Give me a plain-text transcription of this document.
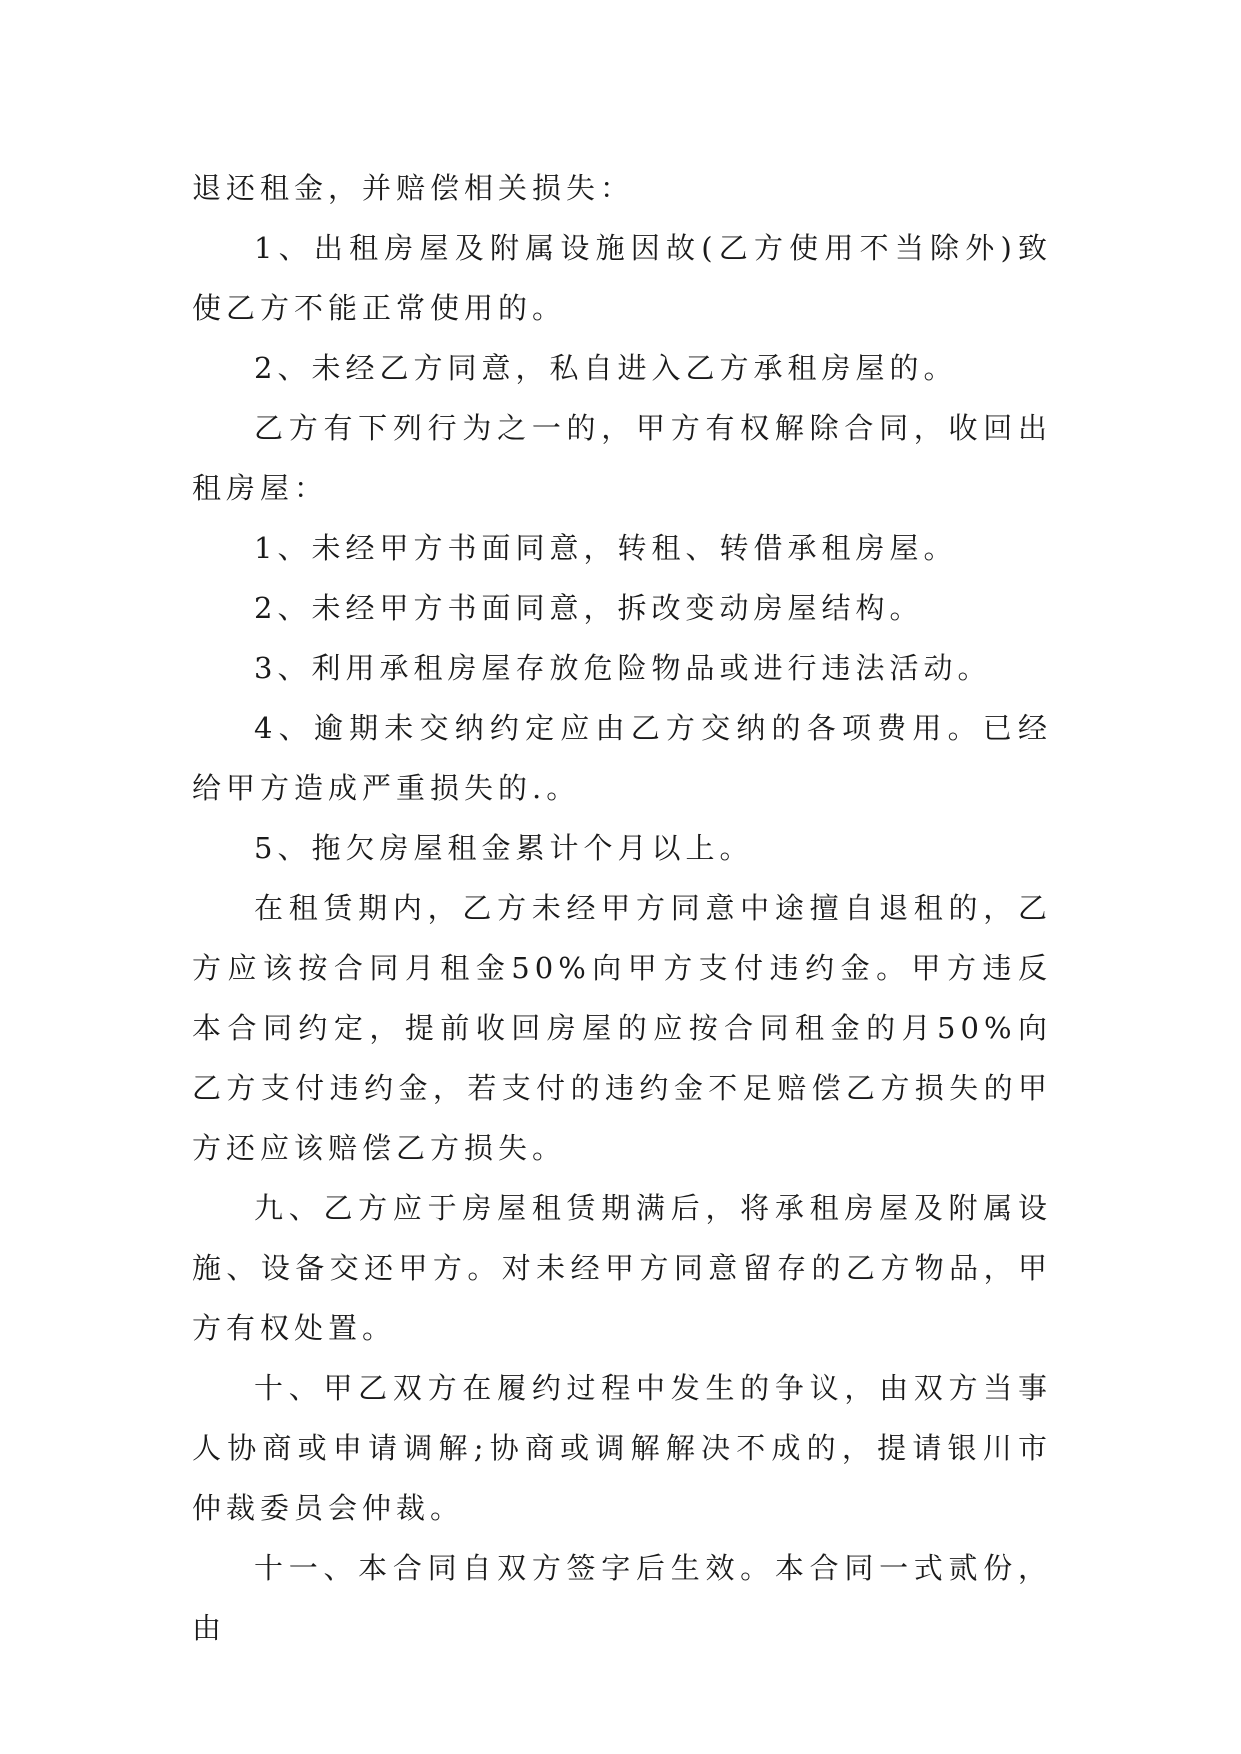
退还租金，并赔偿相关损失：

1、出租房屋及附属设施因故(乙方使用不当除外)致使乙方不能正常使用的。

2、未经乙方同意，私自进入乙方承租房屋的。

乙方有下列行为之一的，甲方有权解除合同，收回出租房屋：

1、未经甲方书面同意，转租、转借承租房屋。

2、未经甲方书面同意，拆改变动房屋结构。

3、利用承租房屋存放危险物品或进行违法活动。

4、逾期未交纳约定应由乙方交纳的各项费用。已经给甲方造成严重损失的.。

5、拖欠房屋租金累计个月以上。

在租赁期内，乙方未经甲方同意中途擅自退租的，乙方应该按合同月租金50%向甲方支付违约金。甲方违反本合同约定，提前收回房屋的应按合同租金的月50%向乙方支付违约金，若支付的违约金不足赔偿乙方损失的甲方还应该赔偿乙方损失。

九、乙方应于房屋租赁期满后，将承租房屋及附属设施、设备交还甲方。对未经甲方同意留存的乙方物品，甲方有权处置。

十、甲乙双方在履约过程中发生的争议，由双方当事人协商或申请调解;协商或调解解决不成的，提请银川市仲裁委员会仲裁。

十一、本合同自双方签字后生效。本合同一式贰份，由
